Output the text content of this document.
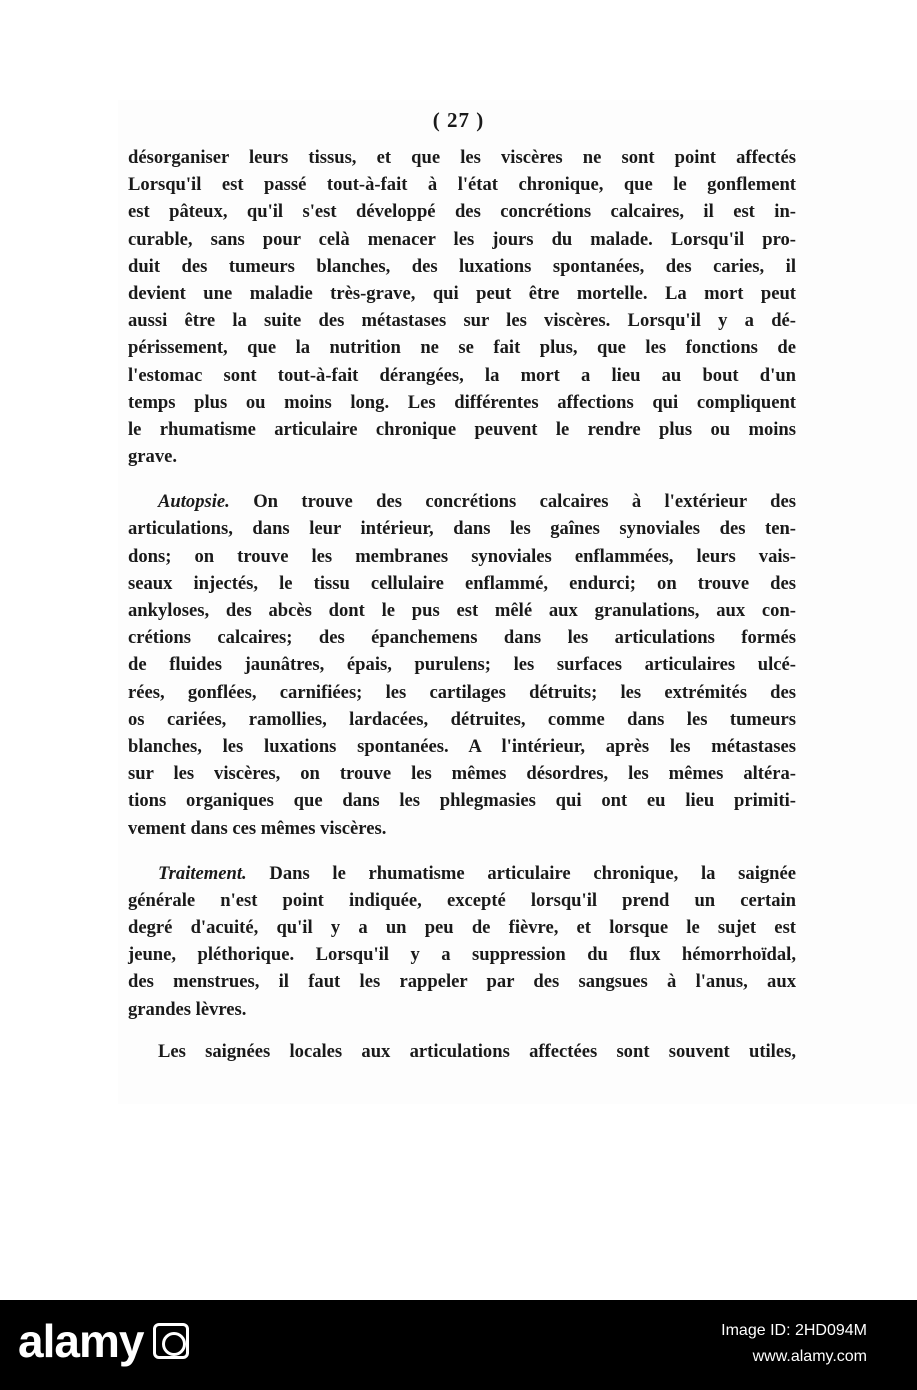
( 27 )
désorganiser leurs tissus, et que les viscères ne sont point affectés
Lorsqu'il est passé tout-à-fait à l'état chronique, que le gonflement
est pâteux, qu'il s'est développé des concrétions calcaires, il est in-
curable, sans pour celà menacer les jours du malade. Lorsqu'il pro-
duit des tumeurs blanches, des luxations spontanées, des caries, il
devient une maladie très-grave, qui peut être mortelle. La mort peut
aussi être la suite des métastases sur les viscères. Lorsqu'il y a dé-
périssement, que la nutrition ne se fait plus, que les fonctions de
l'estomac sont tout-à-fait dérangées, la mort a lieu au bout d'un
temps plus ou moins long. Les différentes affections qui compliquent
le rhumatisme articulaire chronique peuvent le rendre plus ou moins
grave.
Autopsie. On trouve des concrétions calcaires à l'extérieur des
articulations, dans leur intérieur, dans les gaînes synoviales des ten-
dons; on trouve les membranes synoviales enflammées, leurs vais-
seaux injectés, le tissu cellulaire enflammé, endurci; on trouve des
ankyloses, des abcès dont le pus est mêlé aux granulations, aux con-
crétions calcaires; des épanchemens dans les articulations formés
de fluides jaunâtres, épais, purulens; les surfaces articulaires ulcé-
rées, gonflées, carnifiées; les cartilages détruits; les extrémités des
os cariées, ramollies, lardacées, détruites, comme dans les tumeurs
blanches, les luxations spontanées. A l'intérieur, après les métastases
sur les viscères, on trouve les mêmes désordres, les mêmes altéra-
tions organiques que dans les phlegmasies qui ont eu lieu primiti-
vement dans ces mêmes viscères.
Traitement. Dans le rhumatisme articulaire chronique, la saignée
générale n'est point indiquée, excepté lorsqu'il prend un certain
degré d'acuité, qu'il y a un peu de fièvre, et lorsque le sujet est
jeune, pléthorique. Lorsqu'il y a suppression du flux hémorrhoïdal,
des menstrues, il faut les rappeler par des sangsues à l'anus, aux
grandes lèvres.
Les saignées locales aux articulations affectées sont souvent utiles,
alamy	Image ID: 2HD094M
www.alamy.com
